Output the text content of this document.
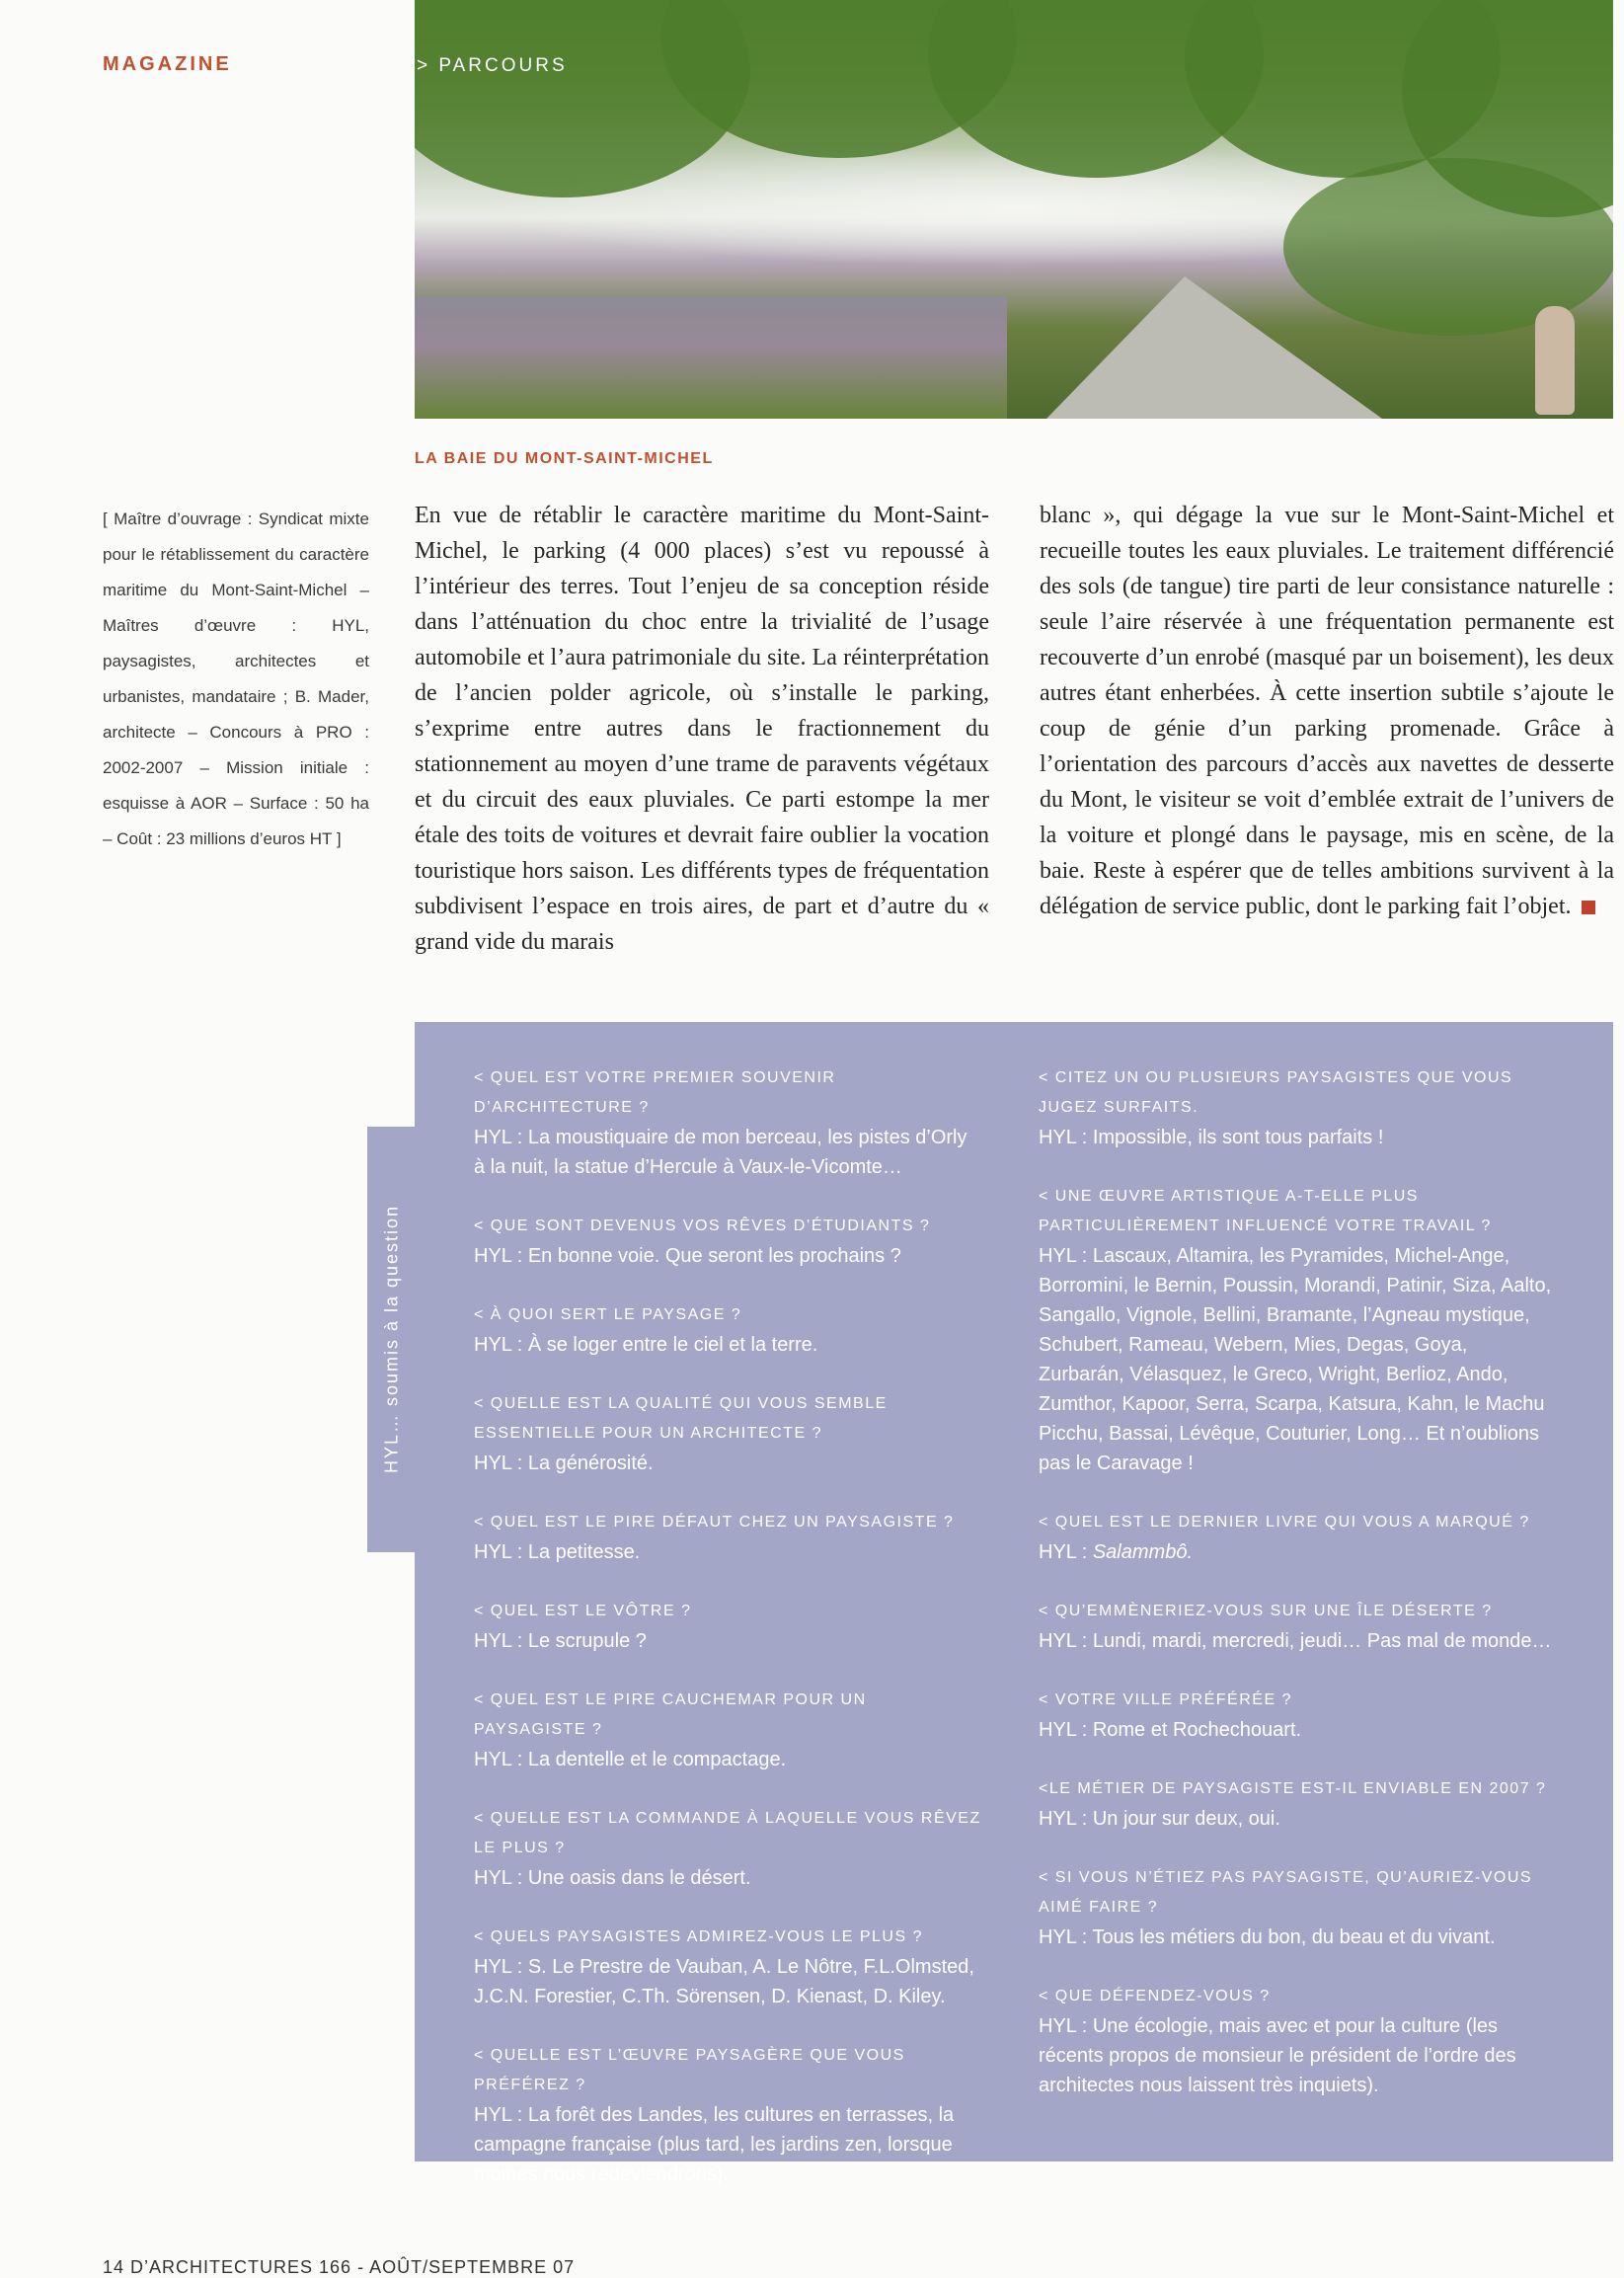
MAGAZINE	> PARCOURS
LA BAIE DU MONT-SAINT-MICHEL
[ Maître d’ouvrage : Syndicat mixte pour le rétablissement du caractère maritime du Mont-Saint-Michel – Maîtres d’œuvre : HYL, paysagistes, architectes et urbanistes, mandataire ; B. Mader, architecte – Concours à PRO : 2002-2007 – Mission initiale : esquisse à AOR – Surface : 50 ha – Coût : 23 millions d’euros HT ]
En vue de rétablir le caractère maritime du Mont-Saint-Michel, le parking (4 000 places) s’est vu repoussé à l’intérieur des terres. Tout l’enjeu de sa conception réside dans l’atténuation du choc entre la trivialité de l’usage automobile et l’aura patrimoniale du site. La réinterprétation de l’ancien polder agricole, où s’installe le parking, s’exprime entre autres dans le fractionnement du stationnement au moyen d’une trame de paravents végétaux et du circuit des eaux pluviales. Ce parti estompe la mer étale des toits de voitures et devrait faire oublier la vocation touristique hors saison. Les différents types de fréquentation subdivisent l’espace en trois aires, de part et d’autre du « grand vide du marais
blanc », qui dégage la vue sur le Mont-Saint-Michel et recueille toutes les eaux pluviales. Le traitement différencié des sols (de tangue) tire parti de leur consistance naturelle : seule l’aire réservée à une fréquentation permanente est recouverte d’un enrobé (masqué par un boisement), les deux autres étant enherbées. À cette insertion subtile s’ajoute le coup de génie d’un parking promenade. Grâce à l’orientation des parcours d’accès aux navettes de desserte du Mont, le visiteur se voit d’emblée extrait de l’univers de la voiture et plongé dans le paysage, mis en scène, de la baie. Reste à espérer que de telles ambitions survivent à la délégation de service public, dont le parking fait l’objet.
HYL… soumis à la question
< QUEL EST VOTRE PREMIER SOUVENIR D’ARCHITECTURE ?
HYL : La moustiquaire de mon berceau, les pistes d’Orly à la nuit, la statue d’Hercule à Vaux-le-Vicomte…
< QUE SONT DEVENUS VOS RÊVES D’ÉTUDIANTS ?
HYL : En bonne voie. Que seront les prochains ?
< À QUOI SERT LE PAYSAGE ?
HYL : À se loger entre le ciel et la terre.
< QUELLE EST LA QUALITÉ QUI VOUS SEMBLE ESSENTIELLE POUR UN ARCHITECTE ?
HYL : La générosité.
< QUEL EST LE PIRE DÉFAUT CHEZ UN PAYSAGISTE ?
HYL : La petitesse.
< QUEL EST LE VÔTRE ?
HYL : Le scrupule ?
< QUEL EST LE PIRE CAUCHEMAR POUR UN PAYSAGISTE ?
HYL : La dentelle et le compactage.
< QUELLE EST LA COMMANDE À LAQUELLE VOUS RÊVEZ LE PLUS ?
HYL : Une oasis dans le désert.
< QUELS PAYSAGISTES ADMIREZ-VOUS LE PLUS ?
HYL : S. Le Prestre de Vauban, A. Le Nôtre, F.L.Olmsted, J.C.N. Forestier, C.Th. Sörensen, D. Kienast, D. Kiley.
< QUELLE EST L’ŒUVRE PAYSAGÈRE QUE VOUS PRÉFÉREZ ?
HYL : La forêt des Landes, les cultures en terrasses, la campagne française (plus tard, les jardins zen, lorsque moines nous redeviendrons).
< CITEZ UN OU PLUSIEURS PAYSAGISTES QUE VOUS JUGEZ SURFAITS.
HYL : Impossible, ils sont tous parfaits !
< UNE ŒUVRE ARTISTIQUE A-T-ELLE PLUS PARTICULIÈREMENT INFLUENCÉ VOTRE TRAVAIL ?
HYL : Lascaux, Altamira, les Pyramides, Michel-Ange, Borromini, le Bernin, Poussin, Morandi, Patinir, Siza, Aalto, Sangallo, Vignole, Bellini, Bramante, l’Agneau mystique, Schubert, Rameau, Webern, Mies, Degas, Goya, Zurbarán, Vélasquez, le Greco, Wright, Berlioz, Ando, Zumthor, Kapoor, Serra, Scarpa, Katsura, Kahn, le Machu Picchu, Bassai, Lévêque, Couturier, Long… Et n’oublions pas le Caravage !
< QUEL EST LE DERNIER LIVRE QUI VOUS A MARQUÉ ?
HYL : Salammbô.
< QU’EMMÈNERIEZ-VOUS SUR UNE ÎLE DÉSERTE ?
HYL : Lundi, mardi, mercredi, jeudi… Pas mal de monde…
< VOTRE VILLE PRÉFÉRÉE ?
HYL : Rome et Rochechouart.
<LE MÉTIER DE PAYSAGISTE EST-IL ENVIABLE EN 2007 ?
HYL : Un jour sur deux, oui.
< SI VOUS N’ÉTIEZ PAS PAYSAGISTE, QU’AURIEZ-VOUS AIMÉ FAIRE ?
HYL : Tous les métiers du bon, du beau et du vivant.
< QUE DÉFENDEZ-VOUS ?
HYL : Une écologie, mais avec et pour la culture (les récents propos de monsieur le président de l’ordre des architectes nous laissent très inquiets).
14 D’ARCHITECTURES 166 - AOÛT/SEPTEMBRE 07
